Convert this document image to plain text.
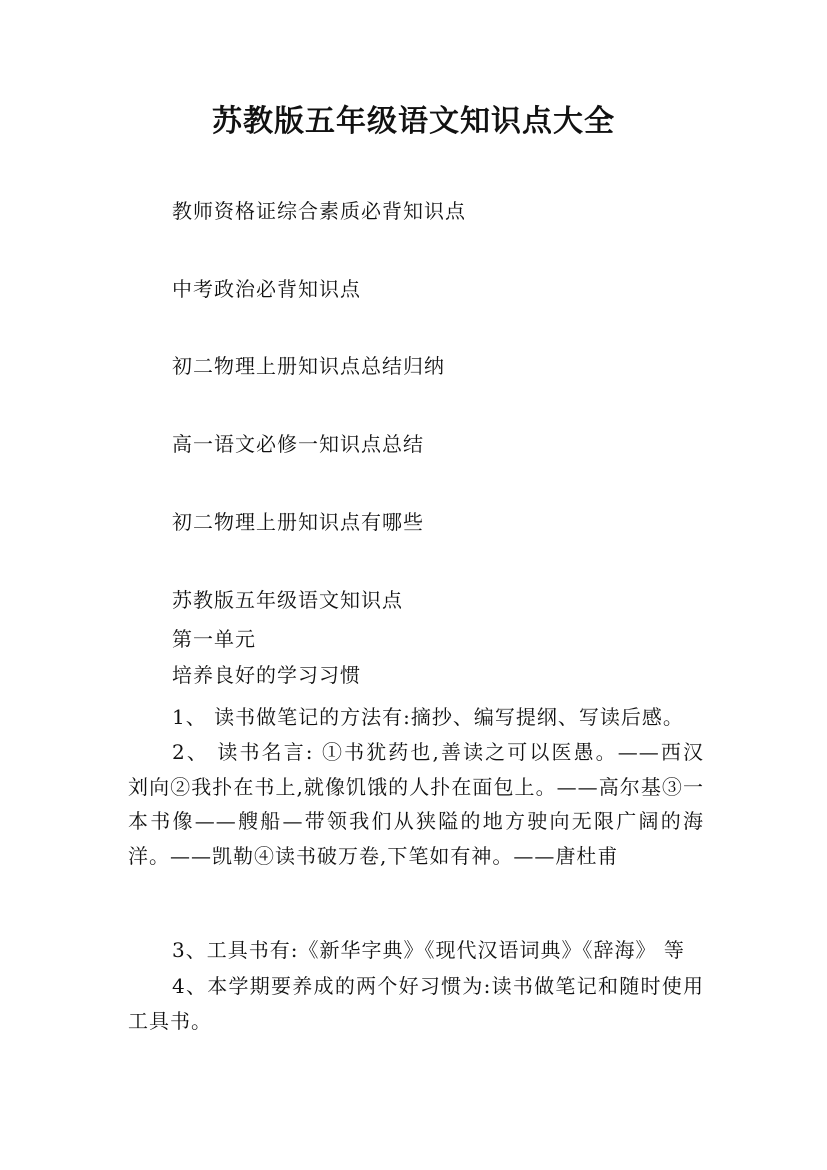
苏教版五年级语文知识点大全
教师资格证综合素质必背知识点
中考政治必背知识点
初二物理上册知识点总结归纳
高一语文必修一知识点总结
初二物理上册知识点有哪些
苏教版五年级语文知识点
第一单元
培养良好的学习习惯

1、 读书做笔记的方法有:摘抄、编写提纲、写读后感。

2、 读书名言: ①书犹药也,善读之可以医愚。——西汉 刘向②我扑在书上,就像饥饿的人扑在面包上。——高尔基③一本书像——艘船—带领我们从狭隘的地方驶向无限广阔的海洋。——凯勒④读书破万卷,下笔如有神。——唐杜甫

3、工具书有:《新华字典》《现代汉语词典》《辞海》 等

4、本学期要养成的两个好习惯为:读书做笔记和随时使用工具书。
